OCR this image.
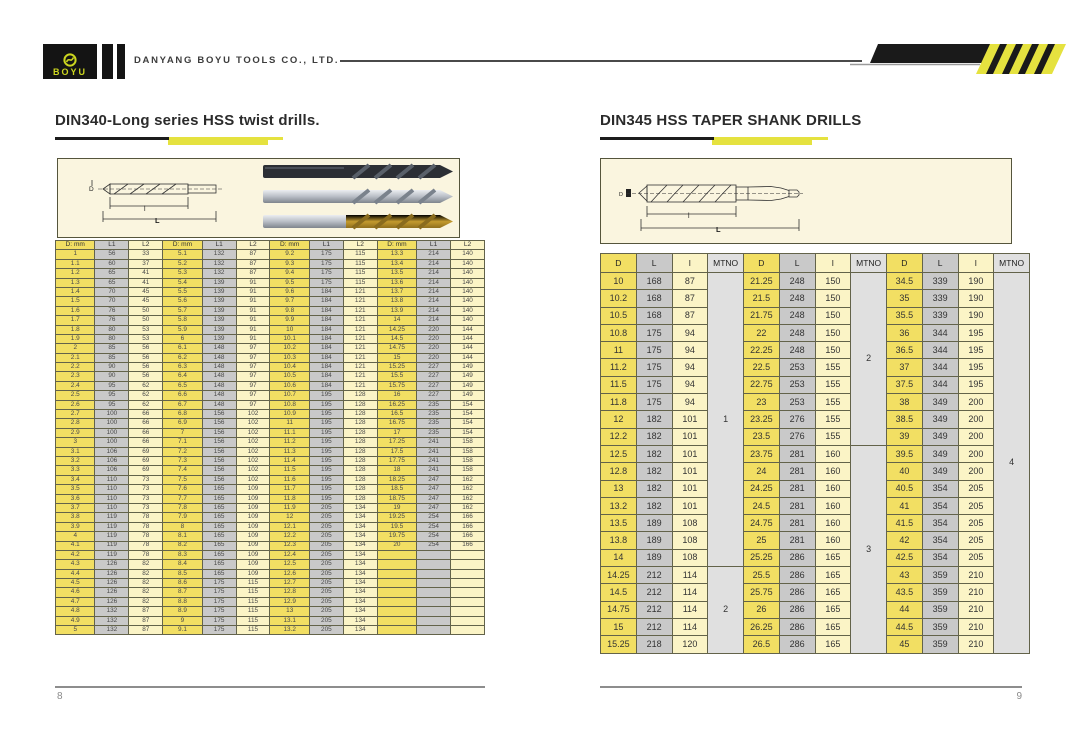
BOYU
DANYANG BOYU TOOLS CO., LTD.
DIN340-Long series HSS twist drills.
D
l
L
D: mm	L1	L2	D: mm	L1	L2	D: mm	L1	L2	D: mm	L1	L2
1	56	33	5.1	132	87	9.2	175	115	13.3	214	140
1.1	60	37	5.2	132	87	9.3	175	115	13.4	214	140
1.2	65	41	5.3	132	87	9.4	175	115	13.5	214	140
1.3	65	41	5.4	139	91	9.5	175	115	13.6	214	140
1.4	70	45	5.5	139	91	9.6	184	121	13.7	214	140
1.5	70	45	5.6	139	91	9.7	184	121	13.8	214	140
1.6	76	50	5.7	139	91	9.8	184	121	13.9	214	140
1.7	76	50	5.8	139	91	9.9	184	121	14	214	140
1.8	80	53	5.9	139	91	10	184	121	14.25	220	144
1.9	80	53	6	139	91	10.1	184	121	14.5	220	144
2	85	56	6.1	148	97	10.2	184	121	14.75	220	144
2.1	85	56	6.2	148	97	10.3	184	121	15	220	144
2.2	90	56	6.3	148	97	10.4	184	121	15.25	227	149
2.3	90	56	6.4	148	97	10.5	184	121	15.5	227	149
2.4	95	62	6.5	148	97	10.6	184	121	15.75	227	149
2.5	95	62	6.6	148	97	10.7	195	128	16	227	149
2.6	95	62	6.7	148	97	10.8	195	128	16.25	235	154
2.7	100	66	6.8	156	102	10.9	195	128	16.5	235	154
2.8	100	66	6.9	156	102	11	195	128	16.75	235	154
2.9	100	66	7	156	102	11.1	195	128	17	235	154
3	100	66	7.1	156	102	11.2	195	128	17.25	241	158
3.1	106	69	7.2	156	102	11.3	195	128	17.5	241	158
3.2	106	69	7.3	156	102	11.4	195	128	17.75	241	158
3.3	106	69	7.4	156	102	11.5	195	128	18	241	158
3.4	110	73	7.5	156	102	11.6	195	128	18.25	247	162
3.5	110	73	7.6	165	109	11.7	195	128	18.5	247	162
3.6	110	73	7.7	165	109	11.8	195	128	18.75	247	162
3.7	110	73	7.8	165	109	11.9	205	134	19	247	162
3.8	119	78	7.9	165	109	12	205	134	19.25	254	166
3.9	119	78	8	165	109	12.1	205	134	19.5	254	166
4	119	78	8.1	165	109	12.2	205	134	19.75	254	166
4.1	119	78	8.2	165	109	12.3	205	134	20	254	166
4.2	119	78	8.3	165	109	12.4	205	134			
4.3	126	82	8.4	165	109	12.5	205	134			
4.4	126	82	8.5	165	109	12.6	205	134			
4.5	126	82	8.6	175	115	12.7	205	134			
4.6	126	82	8.7	175	115	12.8	205	134			
4.7	126	82	8.8	175	115	12.9	205	134			
4.8	132	87	8.9	175	115	13	205	134			
4.9	132	87	9	175	115	13.1	205	134			
5	132	87	9.1	175	115	13.2	205	134			
8
DIN345 HSS TAPER SHANK DRILLS
D
l
L
D	L	l	MTNO	D	L	l	MTNO	D	L	l	MTNO
10	168	87	1	21.25	248	150	2	34.5	339	190	4
10.2	168	87		21.5	248	150		35	339	190	
10.5	168	87		21.75	248	150		35.5	339	190	
10.8	175	94		22	248	150		36	344	195	
11	175	94		22.25	248	150		36.5	344	195	
11.2	175	94		22.5	253	155		37	344	195	
11.5	175	94		22.75	253	155		37.5	344	195	
11.8	175	94		23	253	155		38	349	200	
12	182	101		23.25	276	155		38.5	349	200	
12.2	182	101		23.5	276	155		39	349	200	
12.5	182	101		23.75	281	160	3	39.5	349	200	
12.8	182	101		24	281	160		40	349	200	
13	182	101		24.25	281	160		40.5	354	205	
13.2	182	101		24.5	281	160		41	354	205	
13.5	189	108		24.75	281	160		41.5	354	205	
13.8	189	108		25	281	160		42	354	205	
14	189	108		25.25	286	165		42.5	354	205	
14.25	212	114	2	25.5	286	165		43	359	210	
14.5	212	114		25.75	286	165		43.5	359	210	
14.75	212	114		26	286	165		44	359	210	
15	212	114		26.25	286	165		44.5	359	210	
15.25	218	120		26.5	286	165		45	359	210	
9
